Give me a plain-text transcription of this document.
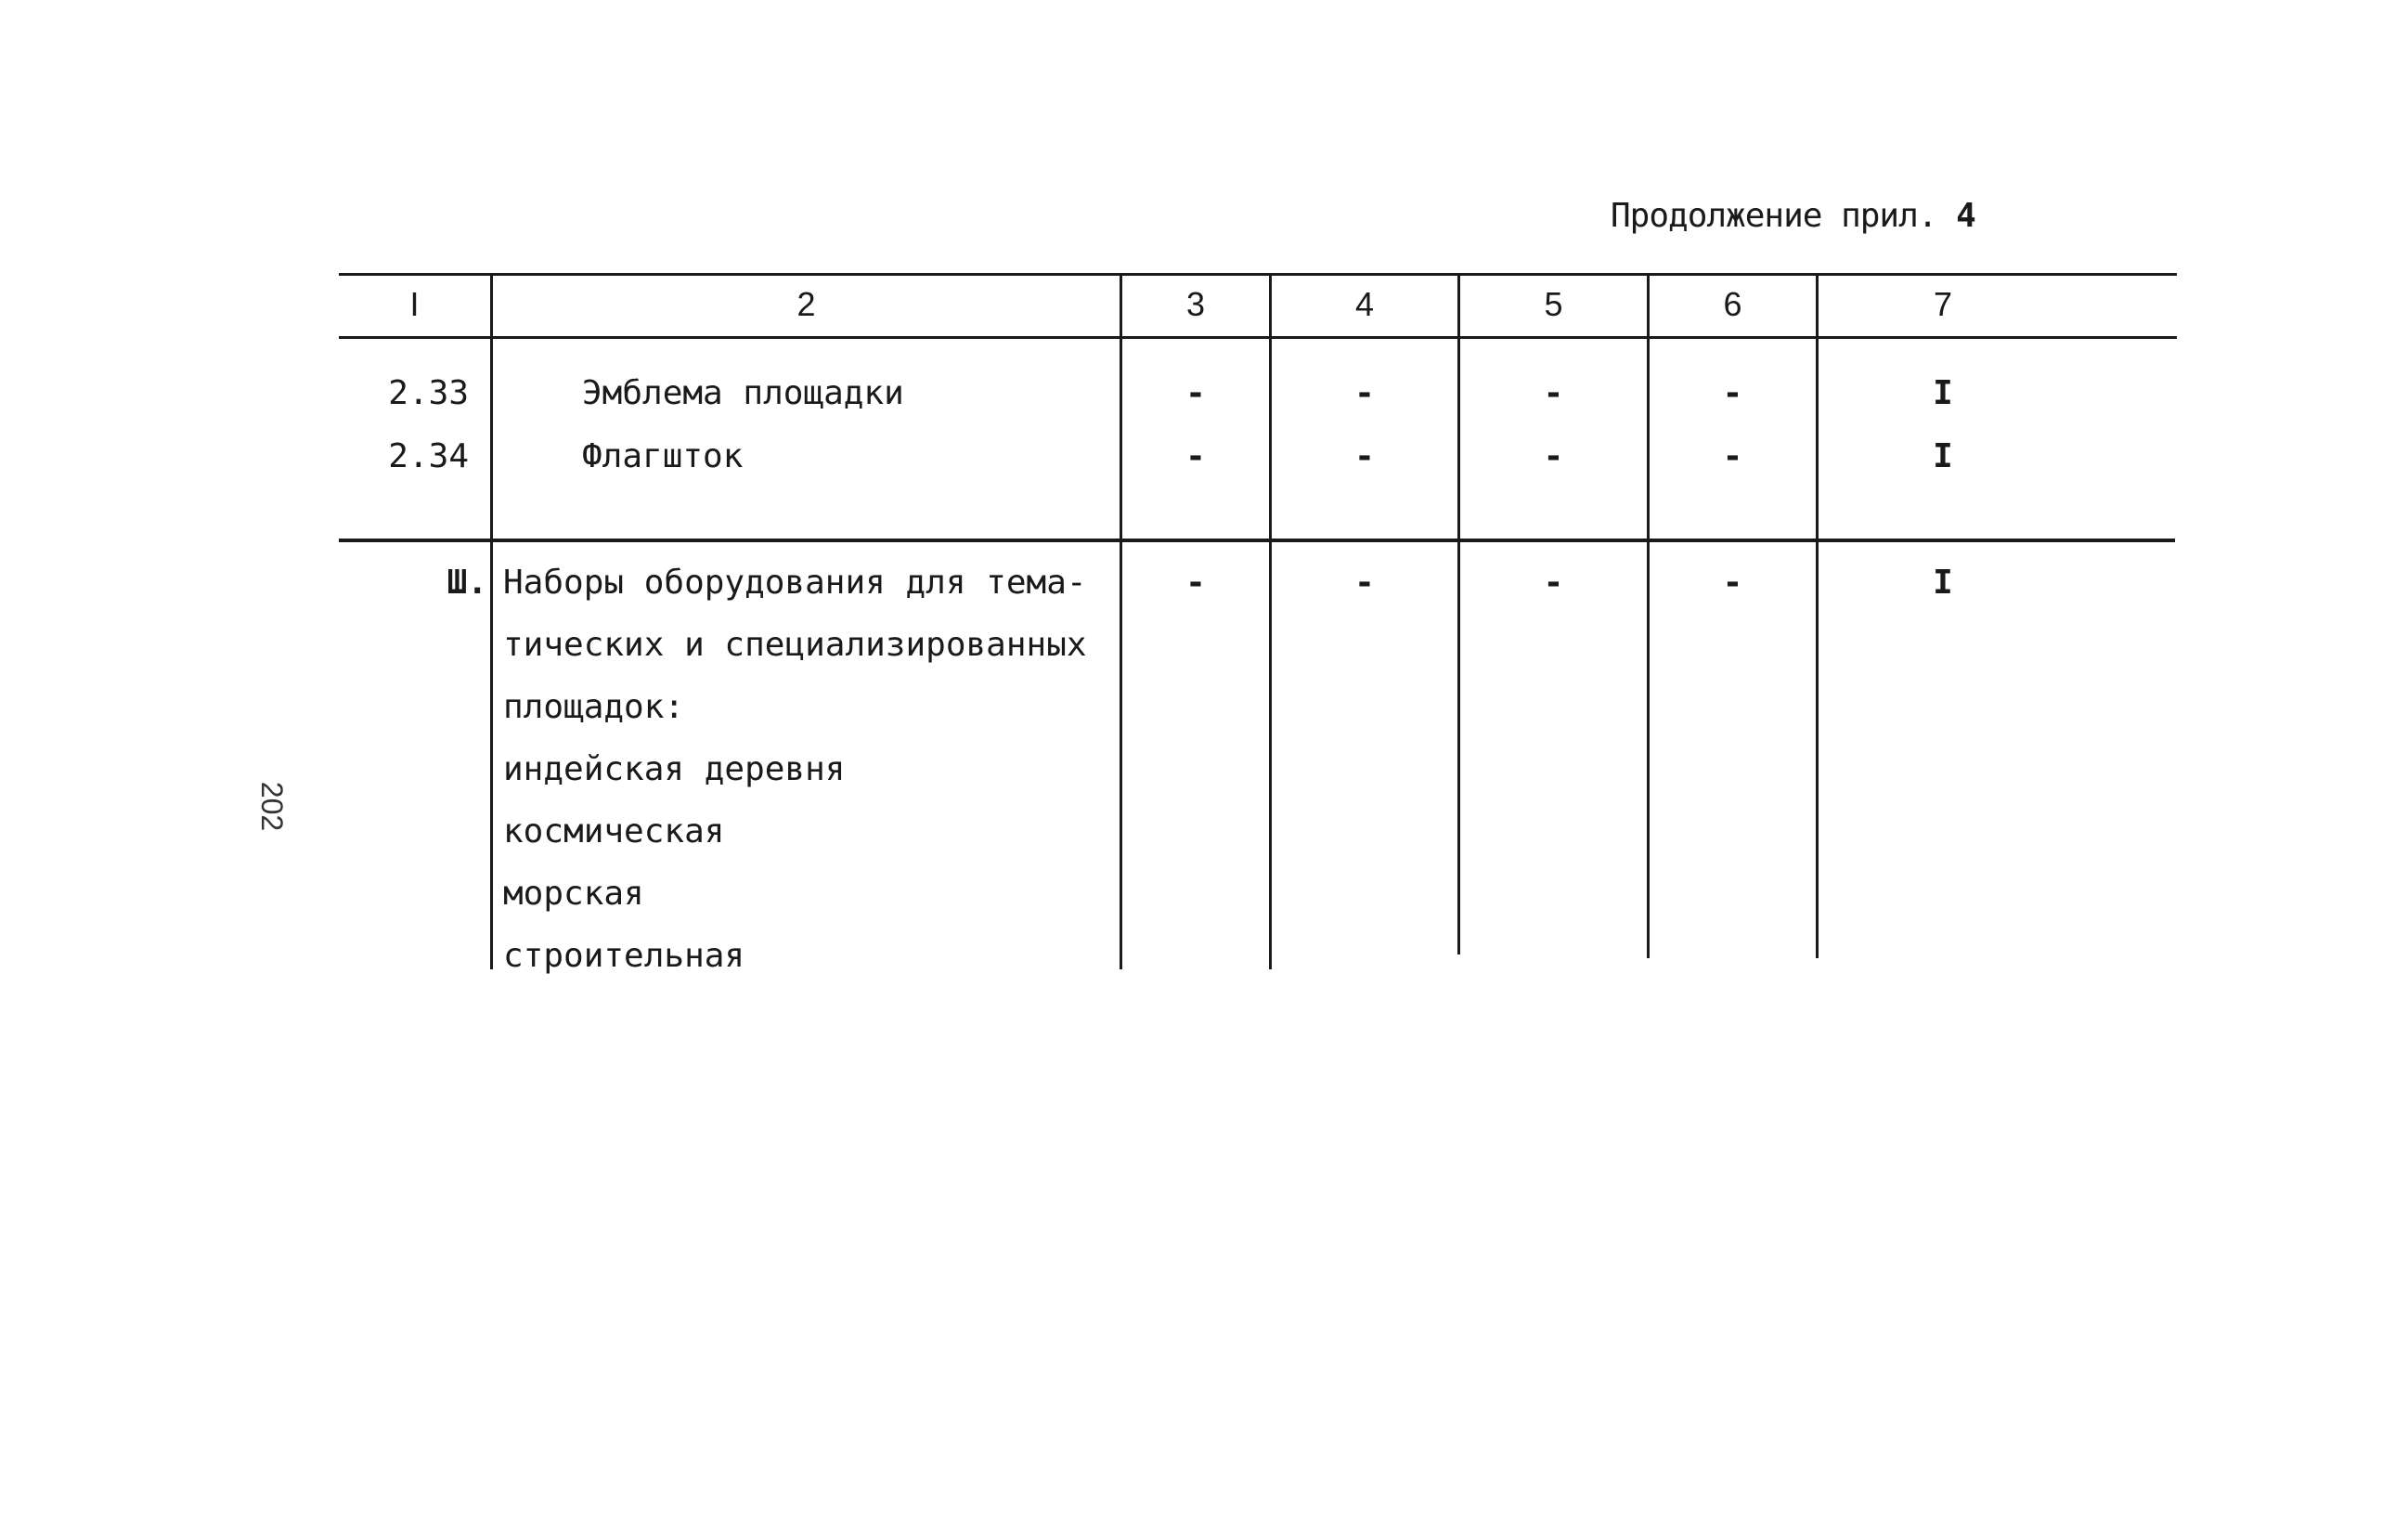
202
Продолжение прил. 4
I	2	3	4	5	6	7
2.33	Эмблема площадки	-	-	-	-	I
2.34	Флагшток	-	-	-	-	I
Ш. Наборы оборудования для тема-
тических и специализированных
площадок:
индейская деревня
космическая
морская
строительная
-	-	-	-	I
